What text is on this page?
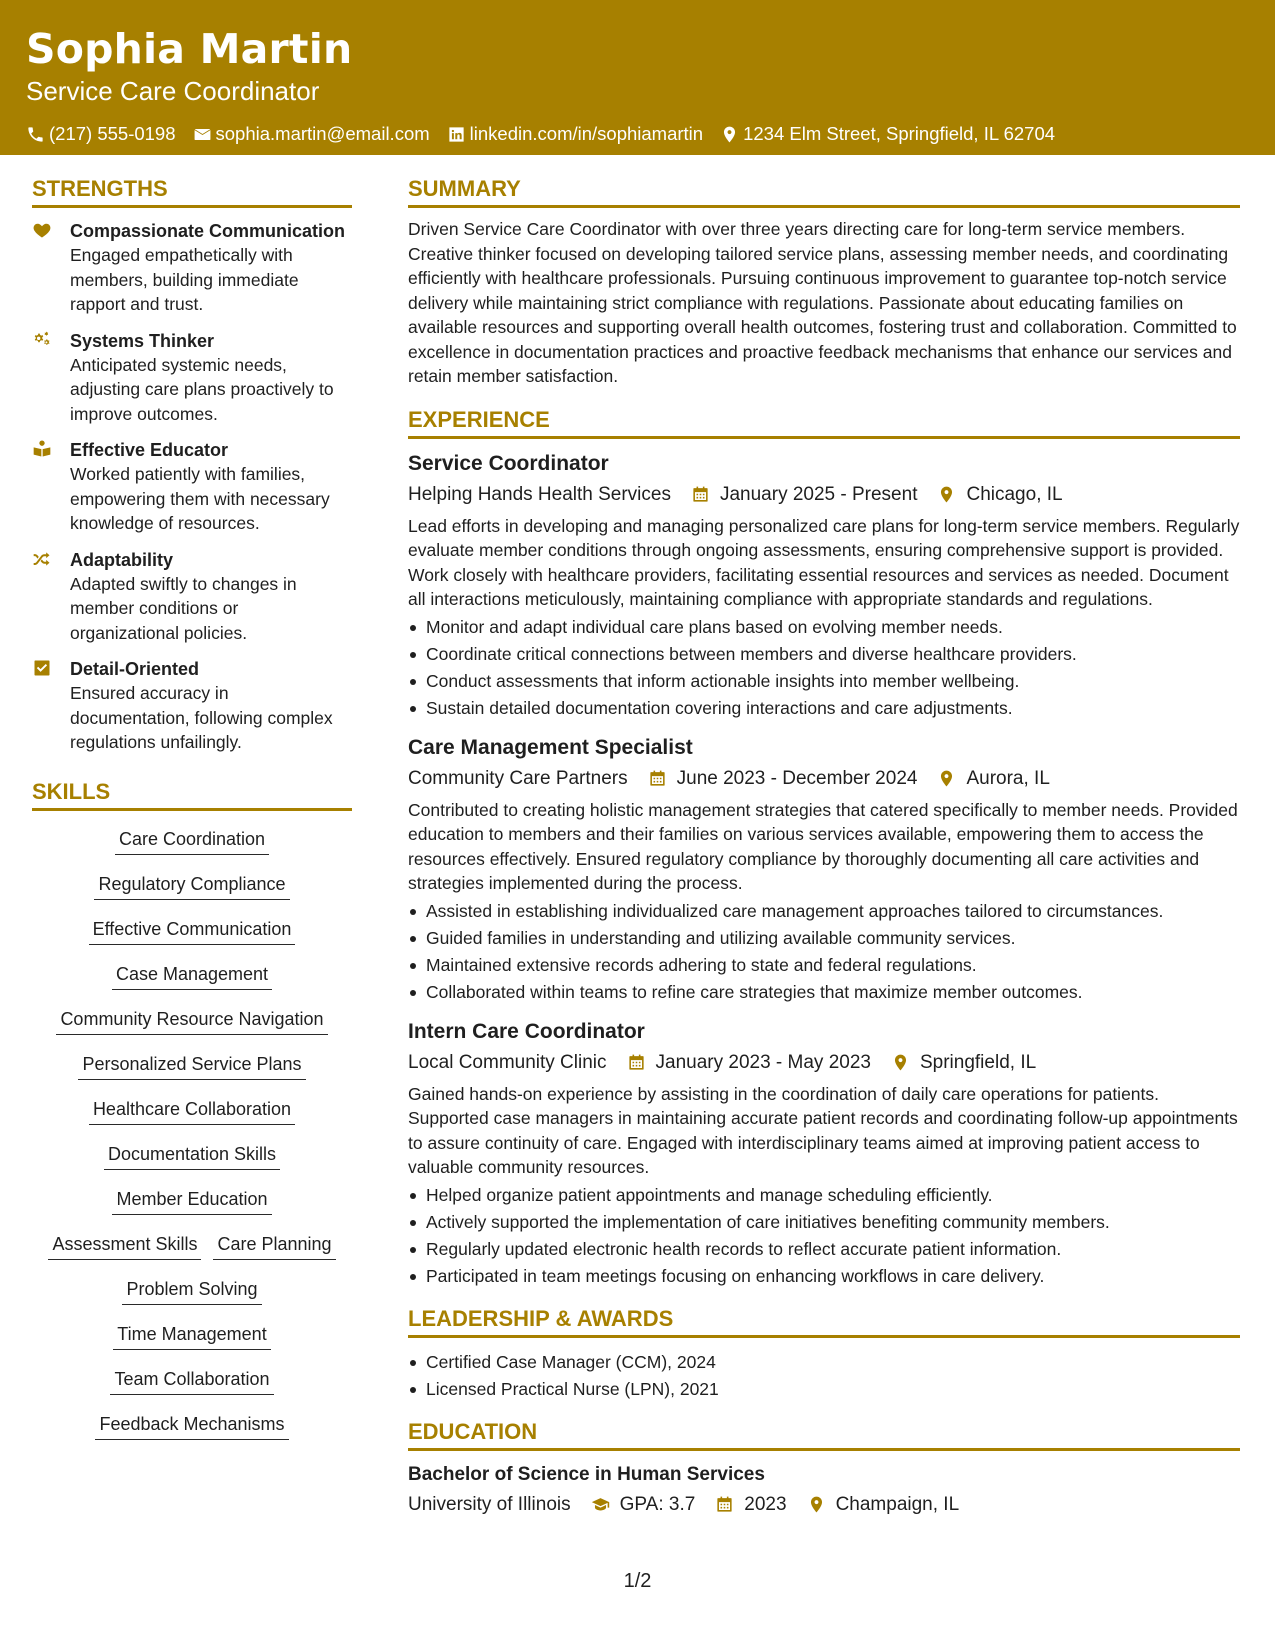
Sophia Martin
Service Care Coordinator
(217) 555-0198 sophia.martin@email.com linkedin.com/in/sophiamartin 1234 Elm Street, Springfield, IL 62704
STRENGTHS
Compassionate Communication
Engaged empathetically with members, building immediate rapport and trust.
Systems Thinker
Anticipated systemic needs, adjusting care plans proactively to improve outcomes.
Effective Educator
Worked patiently with families, empowering them with necessary knowledge of resources.
Adaptability
Adapted swiftly to changes in member conditions or organizational policies.
Detail-Oriented
Ensured accuracy in documentation, following complex regulations unfailingly.
SKILLS
Care Coordination
Regulatory Compliance
Effective Communication
Case Management
Community Resource Navigation
Personalized Service Plans
Healthcare Collaboration
Documentation Skills
Member Education
Assessment Skills Care Planning
Problem Solving
Time Management
Team Collaboration
Feedback Mechanisms
SUMMARY
Driven Service Care Coordinator with over three years directing care for long-term service members. Creative thinker focused on developing tailored service plans, assessing member needs, and coordinating efficiently with healthcare professionals. Pursuing continuous improvement to guarantee top-notch service delivery while maintaining strict compliance with regulations. Passionate about educating families on available resources and supporting overall health outcomes, fostering trust and collaboration. Committed to excellence in documentation practices and proactive feedback mechanisms that enhance our services and retain member satisfaction.
EXPERIENCE
Service Coordinator
Helping Hands Health Services	January 2025 - Present	Chicago, IL
Lead efforts in developing and managing personalized care plans for long-term service members. Regularly evaluate member conditions through ongoing assessments, ensuring comprehensive support is provided. Work closely with healthcare providers, facilitating essential resources and services as needed. Document all interactions meticulously, maintaining compliance with appropriate standards and regulations.
Monitor and adapt individual care plans based on evolving member needs.
Coordinate critical connections between members and diverse healthcare providers.
Conduct assessments that inform actionable insights into member wellbeing.
Sustain detailed documentation covering interactions and care adjustments.
Care Management Specialist
Community Care Partners	June 2023 - December 2024	Aurora, IL
Contributed to creating holistic management strategies that catered specifically to member needs. Provided education to members and their families on various services available, empowering them to access the resources effectively. Ensured regulatory compliance by thoroughly documenting all care activities and strategies implemented during the process.
Assisted in establishing individualized care management approaches tailored to circumstances.
Guided families in understanding and utilizing available community services.
Maintained extensive records adhering to state and federal regulations.
Collaborated within teams to refine care strategies that maximize member outcomes.
Intern Care Coordinator
Local Community Clinic	January 2023 - May 2023	Springfield, IL
Gained hands-on experience by assisting in the coordination of daily care operations for patients. Supported case managers in maintaining accurate patient records and coordinating follow-up appointments to assure continuity of care. Engaged with interdisciplinary teams aimed at improving patient access to valuable community resources.
Helped organize patient appointments and manage scheduling efficiently.
Actively supported the implementation of care initiatives benefiting community members.
Regularly updated electronic health records to reflect accurate patient information.
Participated in team meetings focusing on enhancing workflows in care delivery.
LEADERSHIP & AWARDS
Certified Case Manager (CCM), 2024
Licensed Practical Nurse (LPN), 2021
EDUCATION
Bachelor of Science in Human Services
University of Illinois	GPA: 3.7	2023	Champaign, IL
1/2
